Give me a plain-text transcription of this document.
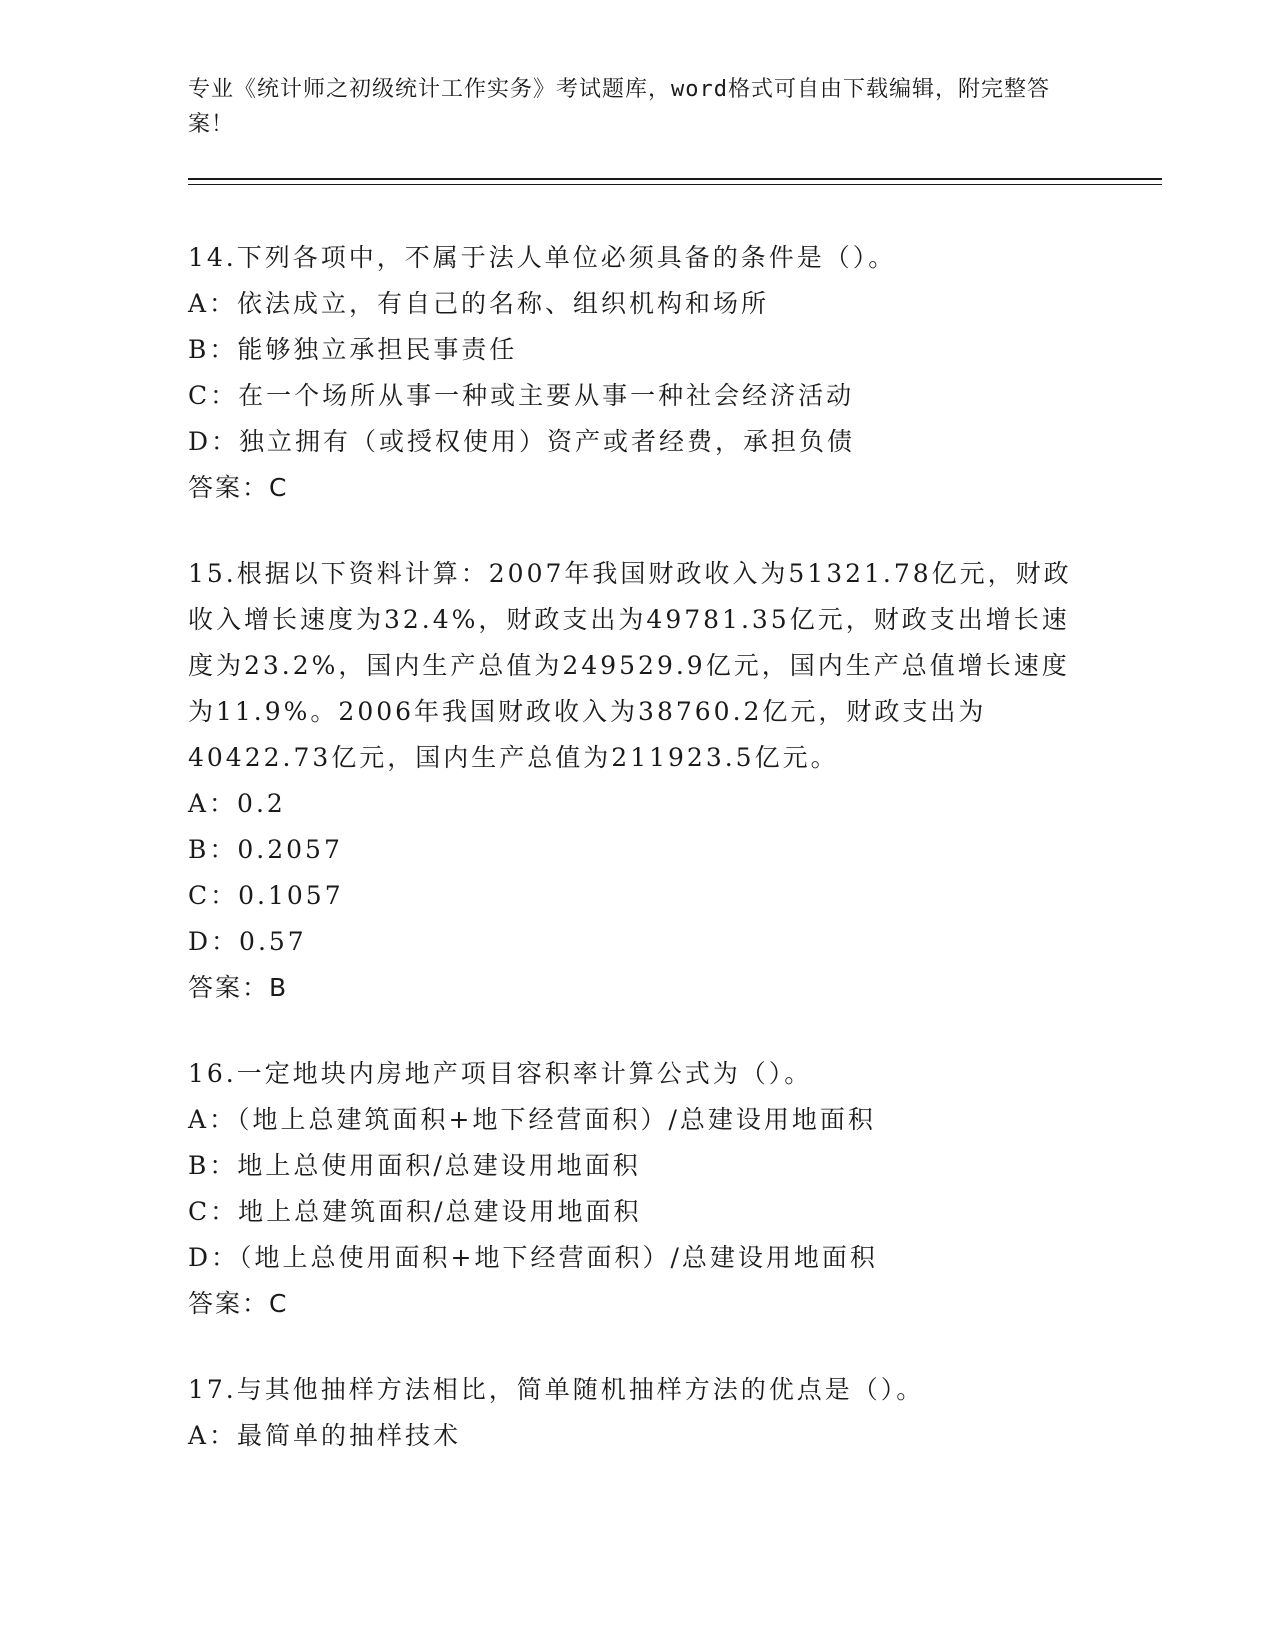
专业《统计师之初级统计工作实务》考试题库，word格式可自由下载编辑，附完整答案！

14.下列各项中，不属于法人单位必须具备的条件是（）。

A：依法成立，有自己的名称、组织机构和场所

B：能够独立承担民事责任

C：在一个场所从事一种或主要从事一种社会经济活动

D：独立拥有（或授权使用）资产或者经费，承担负债

答案：C

15.根据以下资料计算：2007年我国财政收入为51321.78亿元，财政收入增长速度为32.4%，财政支出为49781.35亿元，财政支出增长速度为23.2%，国内生产总值为249529.9亿元，国内生产总值增长速度为11.9%。2006年我国财政收入为38760.2亿元，财政支出为40422.73亿元，国内生产总值为211923.5亿元。

A：0.2

B：0.2057

C：0.1057

D：0.57

答案：B

16.一定地块内房地产项目容积率计算公式为（）。

A：（地上总建筑面积+地下经营面积）/总建设用地面积

B：地上总使用面积/总建设用地面积

C：地上总建筑面积/总建设用地面积

D：（地上总使用面积+地下经营面积）/总建设用地面积

答案：C

17.与其他抽样方法相比，简单随机抽样方法的优点是（）。

A：最简单的抽样技术
